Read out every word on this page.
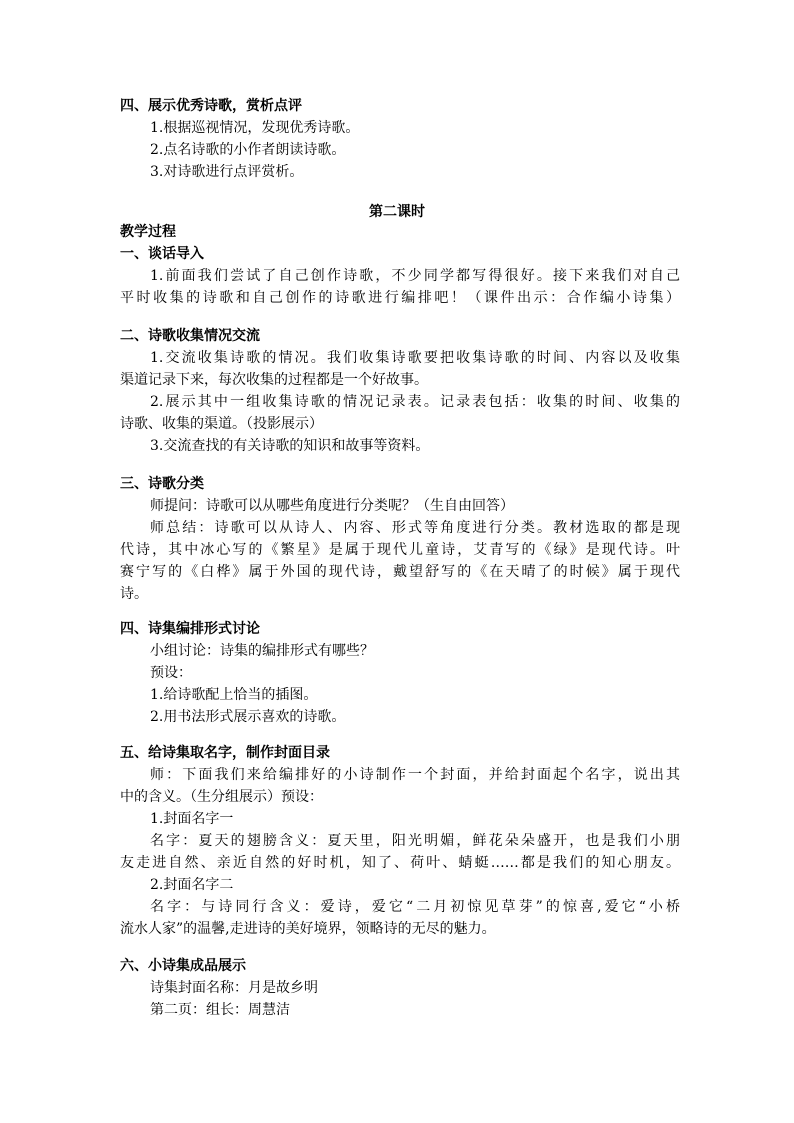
四、展示优秀诗歌，赏析点评
1.根据巡视情况，发现优秀诗歌。
2.点名诗歌的小作者朗读诗歌。
3.对诗歌进行点评赏析。
第二课时
教学过程
一、谈话导入
1.前面我们尝试了自己创作诗歌，不少同学都写得很好。接下来我们对自己
平时收集的诗歌和自己创作的诗歌进行编排吧！（课件出示：合作编小诗集）
二、诗歌收集情况交流
1.交流收集诗歌的情况。我们收集诗歌要把收集诗歌的时间、内容以及收集
渠道记录下来，每次收集的过程都是一个好故事。
2.展示其中一组收集诗歌的情况记录表。记录表包括：收集的时间、收集的
诗歌、收集的渠道。（投影展示）
3.交流查找的有关诗歌的知识和故事等资料。
三、诗歌分类
师提问：诗歌可以从哪些角度进行分类呢？（生自由回答）
师总结：诗歌可以从诗人、内容、形式等角度进行分类。教材选取的都是现
代诗，其中冰心写的《繁星》是属于现代儿童诗，艾青写的《绿》是现代诗。叶
赛宁写的《白桦》属于外国的现代诗，戴望舒写的《在天晴了的时候》属于现代
诗。
四、诗集编排形式讨论
小组讨论：诗集的编排形式有哪些？
预设：
1.给诗歌配上恰当的插图。
2.用书法形式展示喜欢的诗歌。
五、给诗集取名字，制作封面目录
师：下面我们来给编排好的小诗制作一个封面，并给封面起个名字，说出其
中的含义。（生分组展示）预设：
1.封面名字一
名字：夏天的翅膀含义：夏天里，阳光明媚，鲜花朵朵盛开，也是我们小朋
友走进自然、亲近自然的好时机，知了、荷叶、蜻蜓……都是我们的知心朋友。
2.封面名字二
名字：与诗同行含义：爱诗，爱它“二月初惊见草芽”的惊喜,爱它“小桥
流水人家”的温馨,走进诗的美好境界，领略诗的无尽的魅力。
六、小诗集成品展示
诗集封面名称：月是故乡明
第二页：组长：周慧洁
